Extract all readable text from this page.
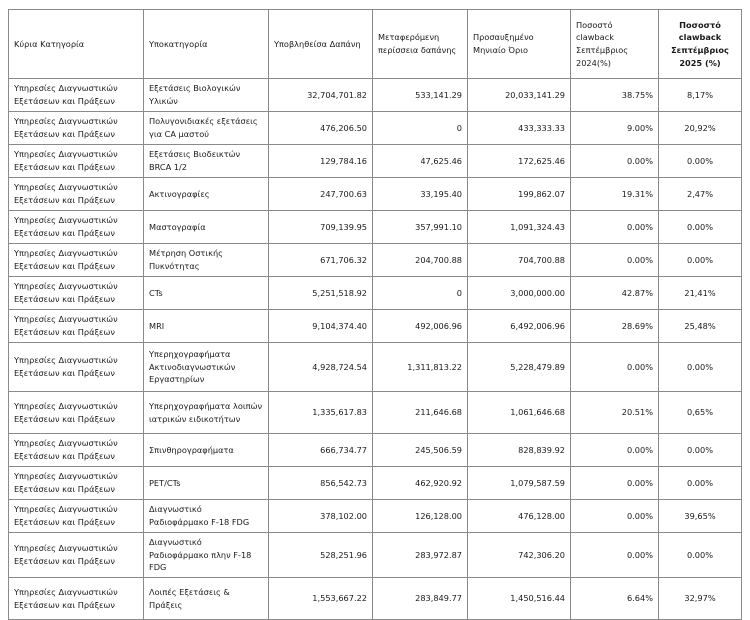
Κύρια Κατηγορία	Υποκατηγορία	Υποβληθείσα Δαπάνη	Μεταφερόμενη περίσσεια δαπάνης	Προσαυξημένο Μηνιαίο Όριο	Ποσοστό clawback Σεπτέμβριος 2024(%)	Ποσοστό clawback Σεπτέμβριος 2025 (%)
Υπηρεσίες Διαγνωστικών Εξετάσεων και Πράξεων	Εξετάσεις Βιολογικών Υλικών	32,704,701.82	533,141.29	20,033,141.29	38.75%	8,17%
Υπηρεσίες Διαγνωστικών Εξετάσεων και Πράξεων	Πολυγονιδιακές εξετάσεις για CA μαστού	476,206.50	0	433,333.33	9.00%	20,92%
Υπηρεσίες Διαγνωστικών Εξετάσεων και Πράξεων	Εξετάσεις Βιοδεικτών BRCA 1/2	129,784.16	47,625.46	172,625.46	0.00%	0.00%
Υπηρεσίες Διαγνωστικών Εξετάσεων και Πράξεων	Ακτινογραφίες	247,700.63	33,195.40	199,862.07	19.31%	2,47%
Υπηρεσίες Διαγνωστικών Εξετάσεων και Πράξεων	Μαστογραφία	709,139.95	357,991.10	1,091,324.43	0.00%	0.00%
Υπηρεσίες Διαγνωστικών Εξετάσεων και Πράξεων	Μέτρηση Οστικής Πυκνότητας	671,706.32	204,700.88	704,700.88	0.00%	0.00%
Υπηρεσίες Διαγνωστικών Εξετάσεων και Πράξεων	CTs	5,251,518.92	0	3,000,000.00	42.87%	21,41%
Υπηρεσίες Διαγνωστικών Εξετάσεων και Πράξεων	MRI	9,104,374.40	492,006.96	6,492,006.96	28.69%	25,48%
Υπηρεσίες Διαγνωστικών Εξετάσεων και Πράξεων	Υπερηχογραφήματα Ακτινοδιαγνωστικών Εργαστηρίων	4,928,724.54	1,311,813.22	5,228,479.89	0.00%	0.00%
Υπηρεσίες Διαγνωστικών Εξετάσεων και Πράξεων	Υπερηχογραφήματα λοιπών ιατρικών ειδικοτήτων	1,335,617.83	211,646.68	1,061,646.68	20.51%	0,65%
Υπηρεσίες Διαγνωστικών Εξετάσεων και Πράξεων	Σπινθηρογραφήματα	666,734.77	245,506.59	828,839.92	0.00%	0.00%
Υπηρεσίες Διαγνωστικών Εξετάσεων και Πράξεων	PET/CTs	856,542.73	462,920.92	1,079,587.59	0.00%	0.00%
Υπηρεσίες Διαγνωστικών Εξετάσεων και Πράξεων	Διαγνωστικό Ραδιοφάρμακο F-18 FDG	378,102.00	126,128.00	476,128.00	0.00%	39,65%
Υπηρεσίες Διαγνωστικών Εξετάσεων και Πράξεων	Διαγνωστικό Ραδιοφάρμακο πλην F-18 FDG	528,251.96	283,972.87	742,306.20	0.00%	0.00%
Υπηρεσίες Διαγνωστικών Εξετάσεων και Πράξεων	Λοιπές Εξετάσεις & Πράξεις	1,553,667.22	283,849.77	1,450,516.44	6.64%	32,97%
